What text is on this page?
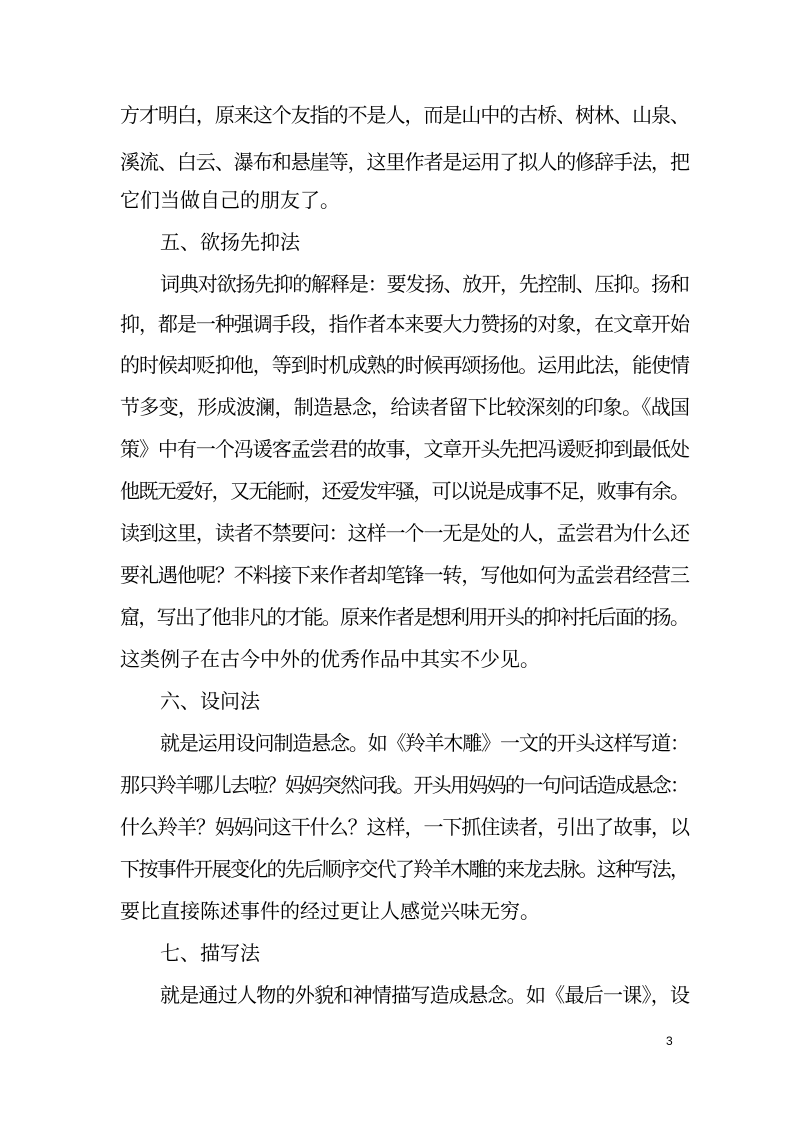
方才明白，原来这个友指的不是人，而是山中的古桥、树林、山泉、
溪流、白云、瀑布和悬崖等，这里作者是运用了拟人的修辞手法，把
它们当做自己的朋友了。
五、欲扬先抑法
词典对欲扬先抑的解释是：要发扬、放开，先控制、压抑。扬和
抑，都是一种强调手段，指作者本来要大力赞扬的对象，在文章开始
的时候却贬抑他，等到时机成熟的时候再颂扬他。运用此法，能使情
节多变，形成波澜，制造悬念，给读者留下比较深刻的印象。《战国
策》中有一个冯谖客孟尝君的故事，文章开头先把冯谖贬抑到最低处
他既无爱好，又无能耐，还爱发牢骚，可以说是成事不足，败事有余。
读到这里，读者不禁要问：这样一个一无是处的人，孟尝君为什么还
要礼遇他呢？不料接下来作者却笔锋一转，写他如何为孟尝君经营三
窟，写出了他非凡的才能。原来作者是想利用开头的抑衬托后面的扬。
这类例子在古今中外的优秀作品中其实不少见。
六、设问法
就是运用设问制造悬念。如《羚羊木雕》一文的开头这样写道：
那只羚羊哪儿去啦？妈妈突然问我。开头用妈妈的一句问话造成悬念：
什么羚羊？妈妈问这干什么？这样，一下抓住读者，引出了故事，以
下按事件开展变化的先后顺序交代了羚羊木雕的来龙去脉。这种写法，
要比直接陈述事件的经过更让人感觉兴味无穷。
七、描写法
就是通过人物的外貌和神情描写造成悬念。如《最后一课》，设
3
